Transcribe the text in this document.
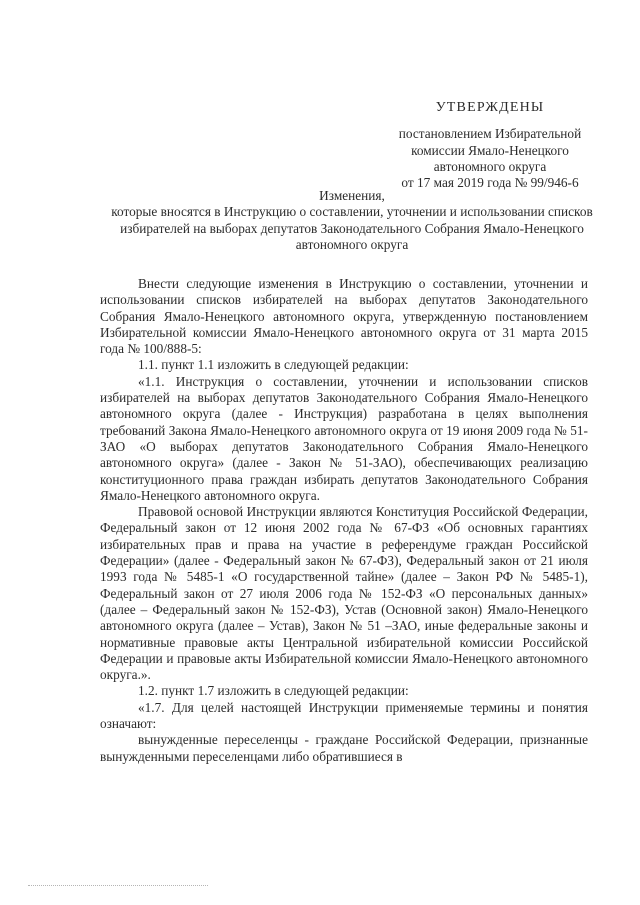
УТВЕРЖДЕНЫ
постановлением Избирательной
комиссии Ямало-Ненецкого
автономного округа
от 17 мая 2019 года № 99/946-6
Изменения,
которые вносятся в Инструкцию о составлении, уточнении и использовании списков избирателей на выборах депутатов Законодательного Собрания Ямало-Ненецкого автономного округа

Внести следующие изменения в Инструкцию о составлении, уточнении и использовании списков избирателей на выборах депутатов Законодательного Собрания Ямало-Ненецкого автономного округа, утвержденную постановлением Избирательной комиссии Ямало-Ненецкого автономного округа от 31 марта 2015 года № 100/888-5:

1.1. пункт 1.1 изложить в следующей редакции:

«1.1. Инструкция о составлении, уточнении и использовании списков избирателей на выборах депутатов Законодательного Собрания Ямало-Ненецкого автономного округа (далее - Инструкция) разработана в целях выполнения требований Закона Ямало-Ненецкого автономного округа от 19 июня 2009 года № 51-ЗАО «О выборах депутатов Законодательного Собрания Ямало-Ненецкого автономного округа» (далее - Закон № 51-ЗАО), обеспечивающих реализацию конституционного права граждан избирать депутатов Законодательного Собрания Ямало-Ненецкого автономного округа.

Правовой основой Инструкции являются Конституция Российской Федерации, Федеральный закон от 12 июня 2002 года № 67-ФЗ «Об основных гарантиях избирательных прав и права на участие в референдуме граждан Российской Федерации» (далее - Федеральный закон № 67-ФЗ), Федеральный закон от 21 июля 1993 года № 5485-1 «О государственной тайне» (далее – Закон РФ № 5485-1), Федеральный закон от 27 июля 2006 года № 152-ФЗ «О персональных данных» (далее – Федеральный закон № 152-ФЗ), Устав (Основной закон) Ямало-Ненецкого автономного округа (далее – Устав), Закон № 51 –ЗАО, иные федеральные законы и нормативные правовые акты Центральной избирательной комиссии Российской Федерации и правовые акты Избирательной комиссии Ямало-Ненецкого автономного округа.».

1.2. пункт 1.7 изложить в следующей редакции:

«1.7. Для целей настоящей Инструкции применяемые термины и понятия означают:

вынужденные переселенцы - граждане Российской Федерации, признанные вынужденными переселенцами либо обратившиеся в
